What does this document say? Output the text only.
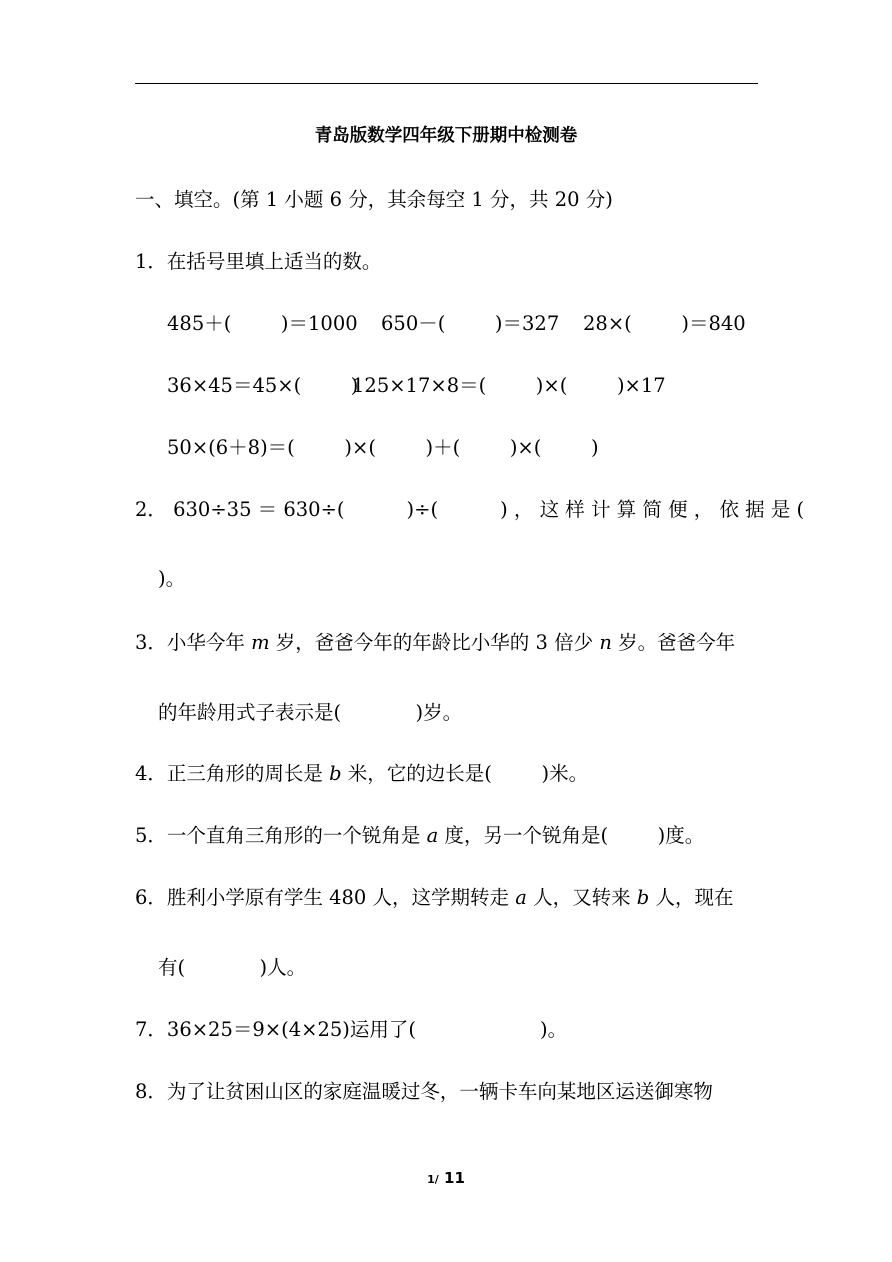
青岛版数学四年级下册期中检测卷
一、填空。(第 1 小题 6 分，其余每空 1 分，共 20 分)
1．在括号里填上适当的数。
485＋(        )＝1000 650－(        )＝327 28×(        )＝840
36×45＝45×(        )
125×17×8＝(        )×(        )×17
50×(6＋8)＝(        )×(        )＋(        )×(        )
2． 630÷35 ＝ 630÷(          )÷(          ) ， 这 样 计 算 简 便 ， 依 据 是 (
)。
3．小华今年 m 岁，爸爸今年的年龄比小华的 3 倍少 n 岁。爸爸今年
的年龄用式子表示是(            )岁。
4．正三角形的周长是 b 米，它的边长是(        )米。
5．一个直角三角形的一个锐角是 a 度，另一个锐角是(        )度。
6．胜利小学原有学生 480 人，这学期转走 a 人，又转来 b 人，现在
有(            )人。
7．36×25＝9×(4×25)运用了(                    )。
8．为了让贫困山区的家庭温暖过冬，一辆卡车向某地区运送御寒物
1/ 11
